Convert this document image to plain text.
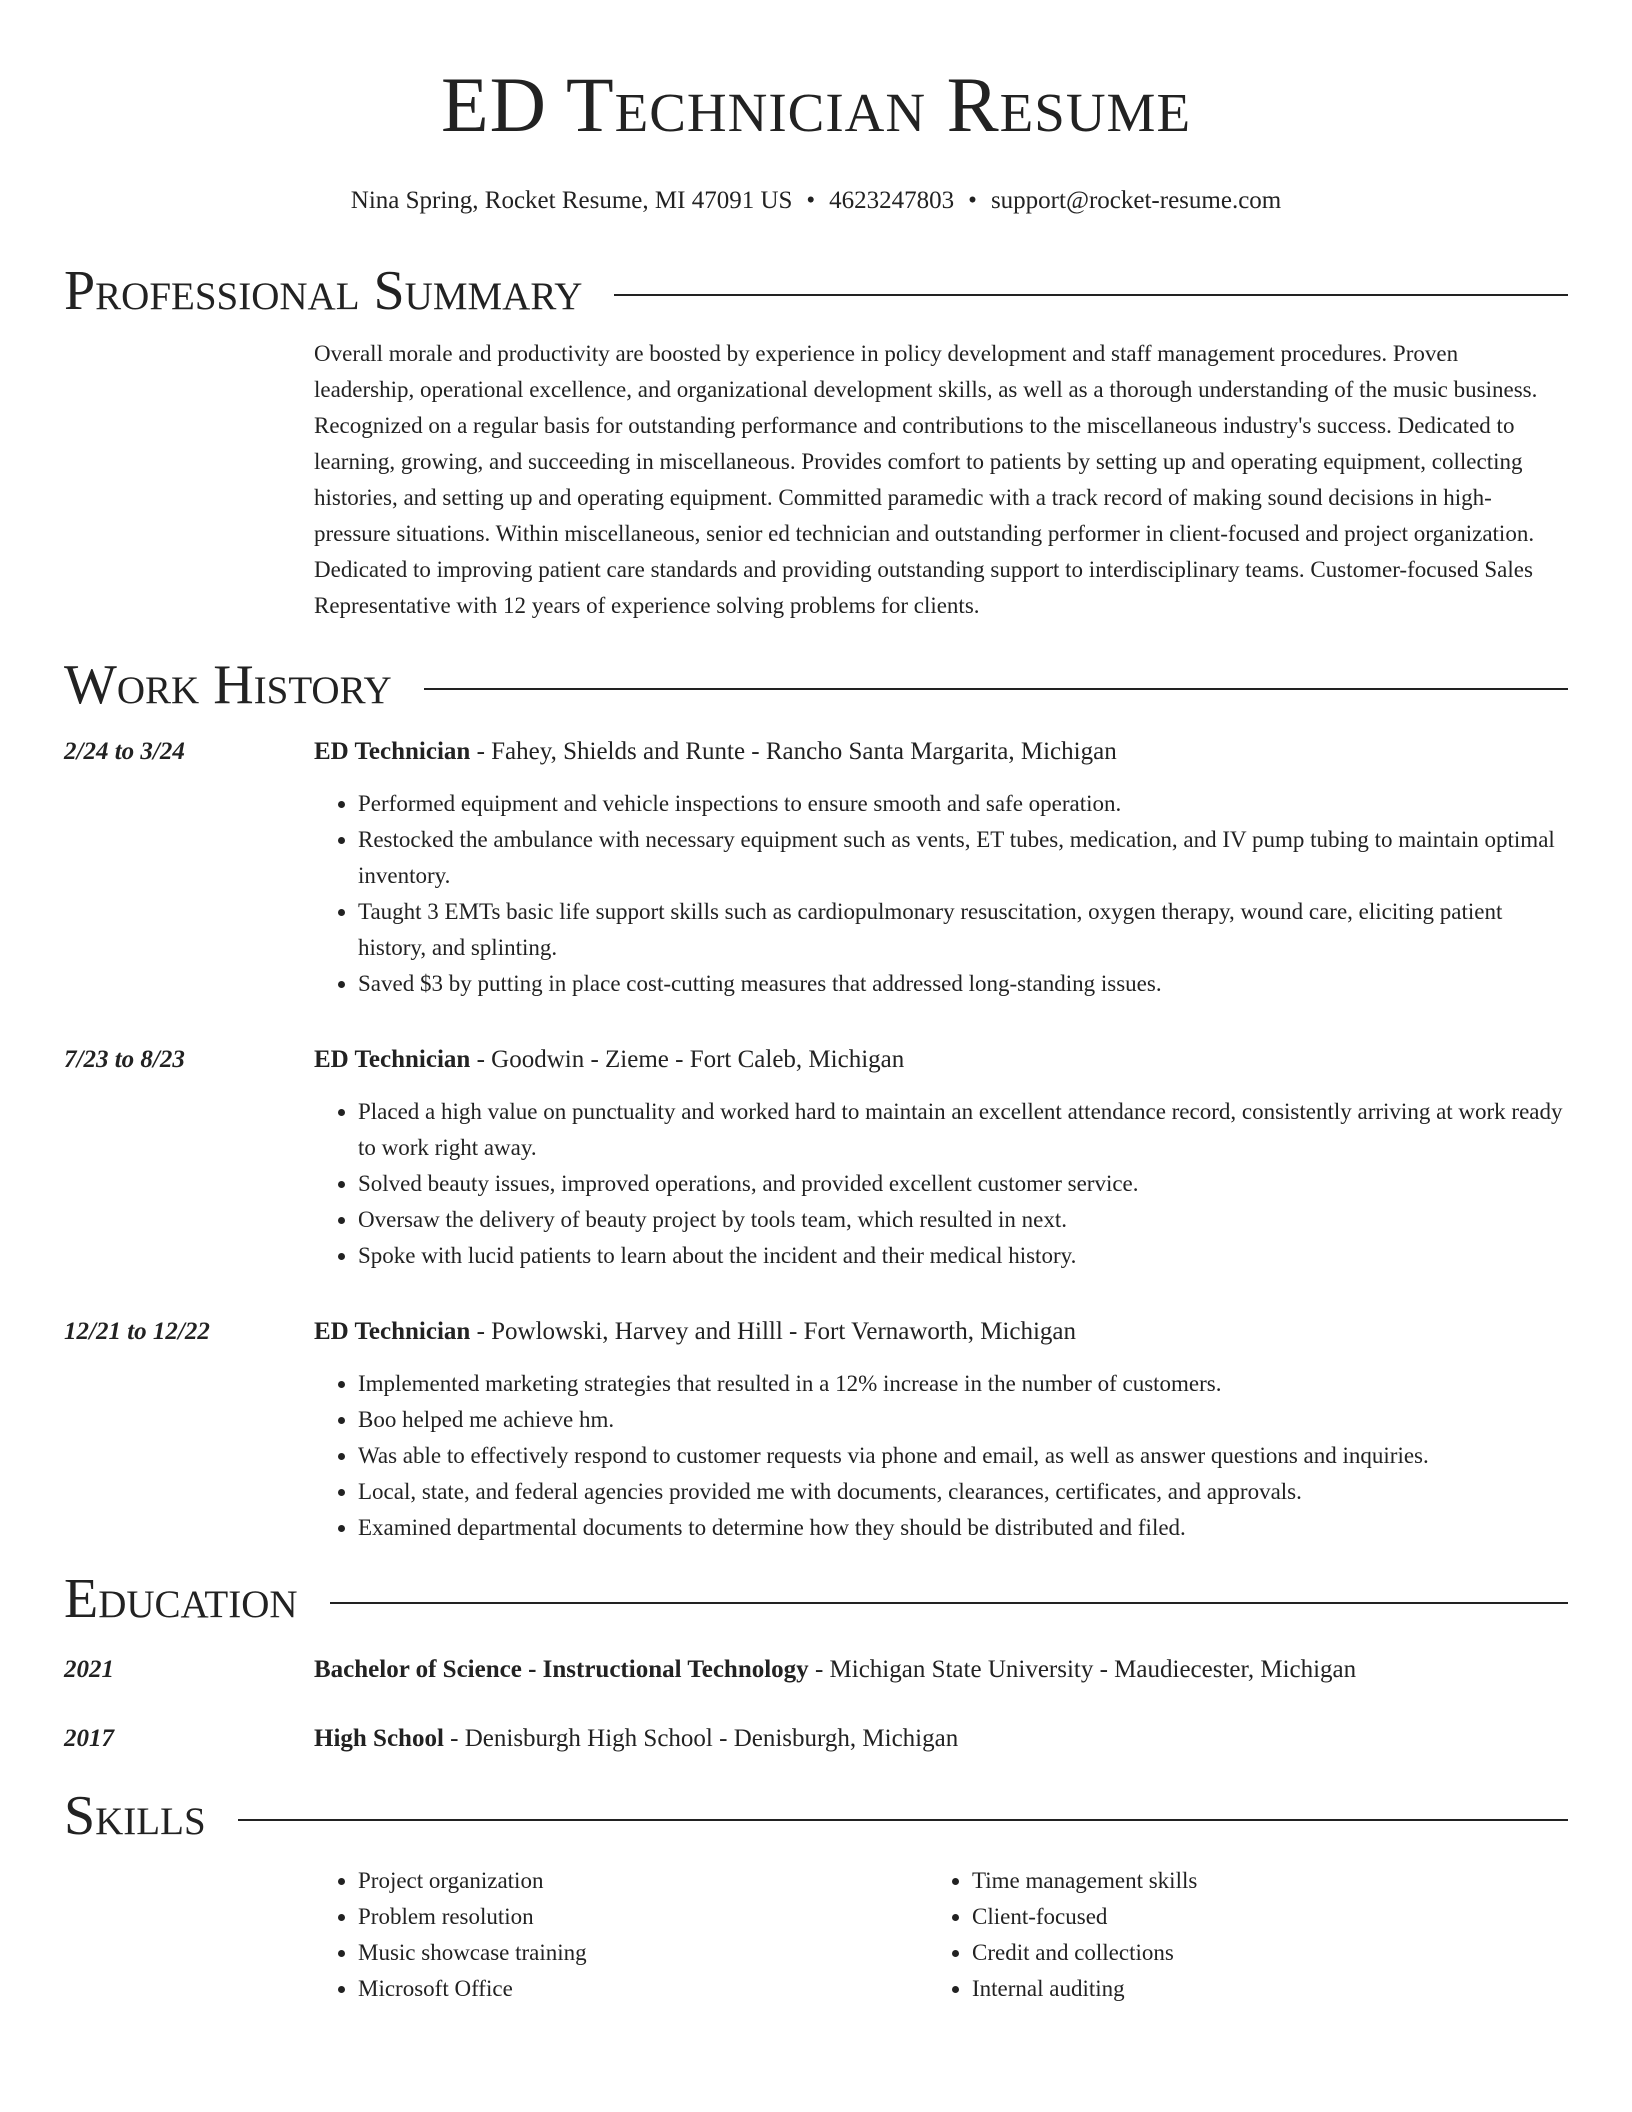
ED Technician Resume
Nina Spring, Rocket Resume, MI 47091 US • 4623247803 • support@rocket-resume.com
Professional Summary
Overall morale and productivity are boosted by experience in policy development and staff management procedures. Proven leadership, operational excellence, and organizational development skills, as well as a thorough understanding of the music business. Recognized on a regular basis for outstanding performance and contributions to the miscellaneous industry's success. Dedicated to learning, growing, and succeeding in miscellaneous. Provides comfort to patients by setting up and operating equipment, collecting histories, and setting up and operating equipment. Committed paramedic with a track record of making sound decisions in high-pressure situations. Within miscellaneous, senior ed technician and outstanding performer in client-focused and project organization. Dedicated to improving patient care standards and providing outstanding support to interdisciplinary teams. Customer-focused Sales Representative with 12 years of experience solving problems for clients.
Work History
2/24 to 3/24	ED Technician - Fahey, Shields and Runte - Rancho Santa Margarita, Michigan
• Performed equipment and vehicle inspections to ensure smooth and safe operation.
• Restocked the ambulance with necessary equipment such as vents, ET tubes, medication, and IV pump tubing to maintain optimal inventory.
• Taught 3 EMTs basic life support skills such as cardiopulmonary resuscitation, oxygen therapy, wound care, eliciting patient history, and splinting.
• Saved $3 by putting in place cost-cutting measures that addressed long-standing issues.
7/23 to 8/23	ED Technician - Goodwin - Zieme - Fort Caleb, Michigan
• Placed a high value on punctuality and worked hard to maintain an excellent attendance record, consistently arriving at work ready to work right away.
• Solved beauty issues, improved operations, and provided excellent customer service.
• Oversaw the delivery of beauty project by tools team, which resulted in next.
• Spoke with lucid patients to learn about the incident and their medical history.
12/21 to 12/22	ED Technician - Powlowski, Harvey and Hilll - Fort Vernaworth, Michigan
• Implemented marketing strategies that resulted in a 12% increase in the number of customers.
• Boo helped me achieve hm.
• Was able to effectively respond to customer requests via phone and email, as well as answer questions and inquiries.
• Local, state, and federal agencies provided me with documents, clearances, certificates, and approvals.
• Examined departmental documents to determine how they should be distributed and filed.
Education
2021	Bachelor of Science - Instructional Technology - Michigan State University - Maudiecester, Michigan
2017	High School - Denisburgh High School - Denisburgh, Michigan
Skills
• Project organization
• Problem resolution
• Music showcase training
• Microsoft Office
• Time management skills
• Client-focused
• Credit and collections
• Internal auditing
